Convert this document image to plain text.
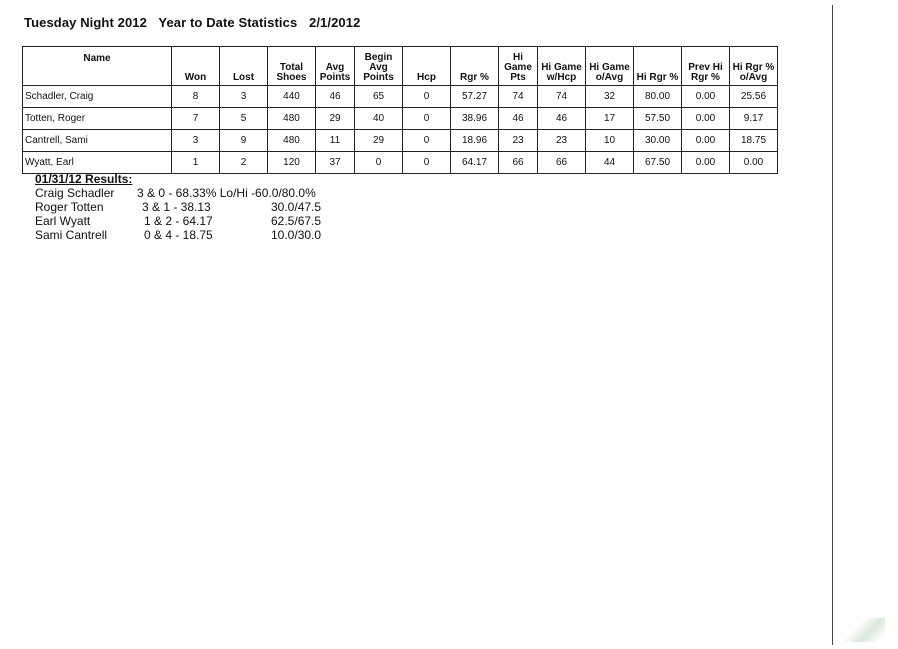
Tuesday Night 2012 Year to Date Statistics 2/1/2012
Name	Won	Lost	Total Shoes	Avg Points	Begin Avg Points	Hcp	Rgr %	Hi Game Pts	Hi Game w/Hcp	Hi Game o/Avg	Hi Rgr %	Prev Hi Rgr %	Hi Rgr % o/Avg
Schadler, Craig	8	3	440	46	65	0	57.27	74	74	32	80.00	0.00	25.56
Totten, Roger	7	5	480	29	40	0	38.96	46	46	17	57.50	0.00	9.17
Cantrell, Sami	3	9	480	11	29	0	18.96	23	23	10	30.00	0.00	18.75
Wyatt, Earl	1	2	120	37	0	0	64.17	66	66	44	67.50	0.00	0.00
01/31/12 Results:
Craig Schadler 3 & 0 - 68.33% Lo/Hi -60.0/80.0%
Roger Totten	3 & 1 - 38.13	30.0/47.5
Earl Wyatt	1 & 2 - 64.17	62.5/67.5
Sami Cantrell	0 & 4 - 18.75	10.0/30.0
